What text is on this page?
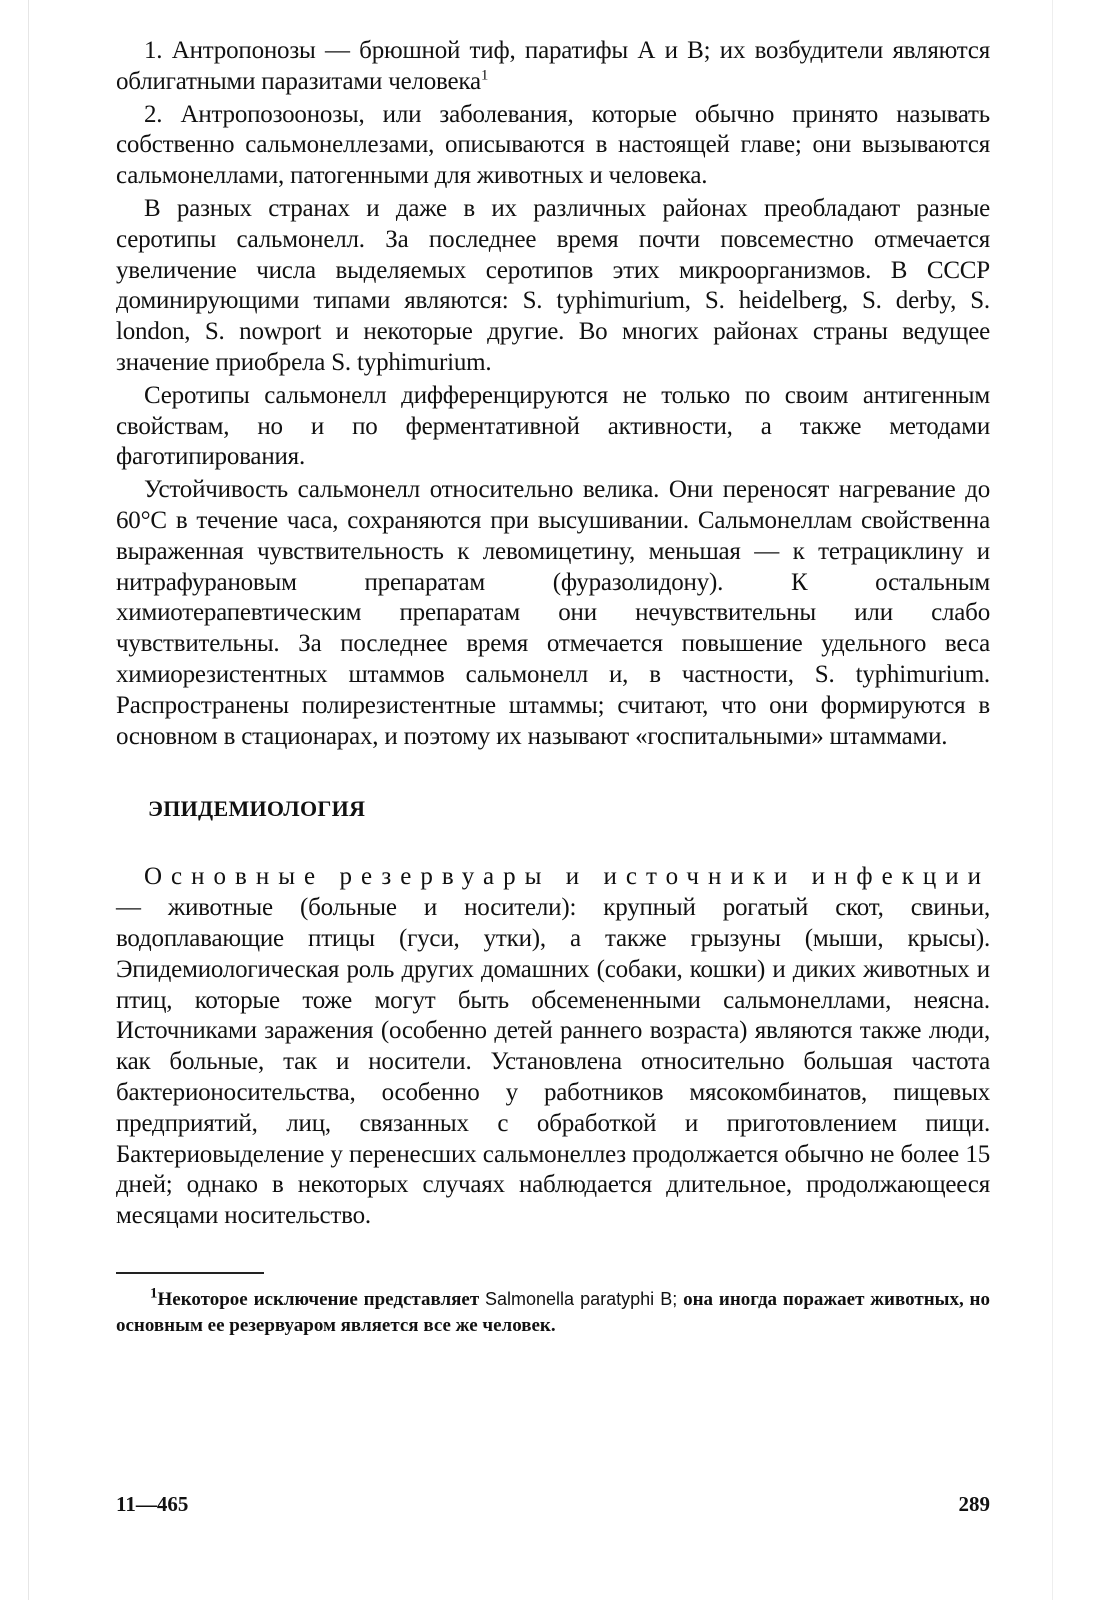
1. Антропонозы — брюшной тиф, паратифы А и В; их возбудители являются облигатными паразитами человека$^1$

2. Антропозоонозы, или заболевания, которые обычно принято называть собственно сальмонеллезами, описываются в настоящей главе; они вызываются сальмонеллами, патогенными для животных и человека.

В разных странах и даже в их различных районах преобладают разные серотипы сальмонелл. За последнее время почти повсеместно отмечается увеличение числа выделяемых серотипов этих микроорганизмов. В СССР доминирующими типами являются: S. typhimurium, S. heidelberg, S. derby, S. london, S. nowport и некоторые другие. Во многих районах страны ведущее значение приобрела S. typhimurium.

Серотипы сальмонелл дифференцируются не только по своим антигенным свойствам, но и по ферментативной активности, а также методами фаготипирования.

Устойчивость сальмонелл относительно велика. Они переносят нагревание до 60°С в течение часа, сохраняются при высушивании. Сальмонеллам свойственна выраженная чувствительность к левомицетину, меньшая — к тетрациклину и нитрафурановым препаратам (фуразолидону). К остальным химиотерапевтическим препаратам они нечувствительны или слабо чувствительны. За последнее время отмечается повышение удельного веса химиорезистентных штаммов сальмонелл и, в частности, S. typhimurium. Распространены полирезистентные штаммы; считают, что они формируются в основном в стационарах, и поэтому их называют «госпитальными» штаммами.

ЭПИДЕМИОЛОГИЯ

Основные резервуары и источники инфекции — животные (больные и носители): крупный рогатый скот, свиньи, водоплавающие птицы (гуси, утки), а также грызуны (мыши, крысы). Эпидемиологическая роль других домашних (собаки, кошки) и диких животных и птиц, которые тоже могут быть обсемененными сальмонеллами, неясна. Источниками заражения (особенно детей раннего возраста) являются также люди, как больные, так и носители. Установлена относительно большая частота бактерионосительства, особенно у работников мясокомбинатов, пищевых предприятий, лиц, связанных с обработкой и приготовлением пищи. Бактериовыделение у перенесших сальмонеллез продолжается обычно не более 15 дней; однако в некоторых случаях наблюдается длительное, продолжающееся месяцами носительство.

$^1$Некоторое исключение представляет Salmonella paratyphi B; она иногда поражает животных, но основным ее резервуаром является все же человек.

11—465	289
